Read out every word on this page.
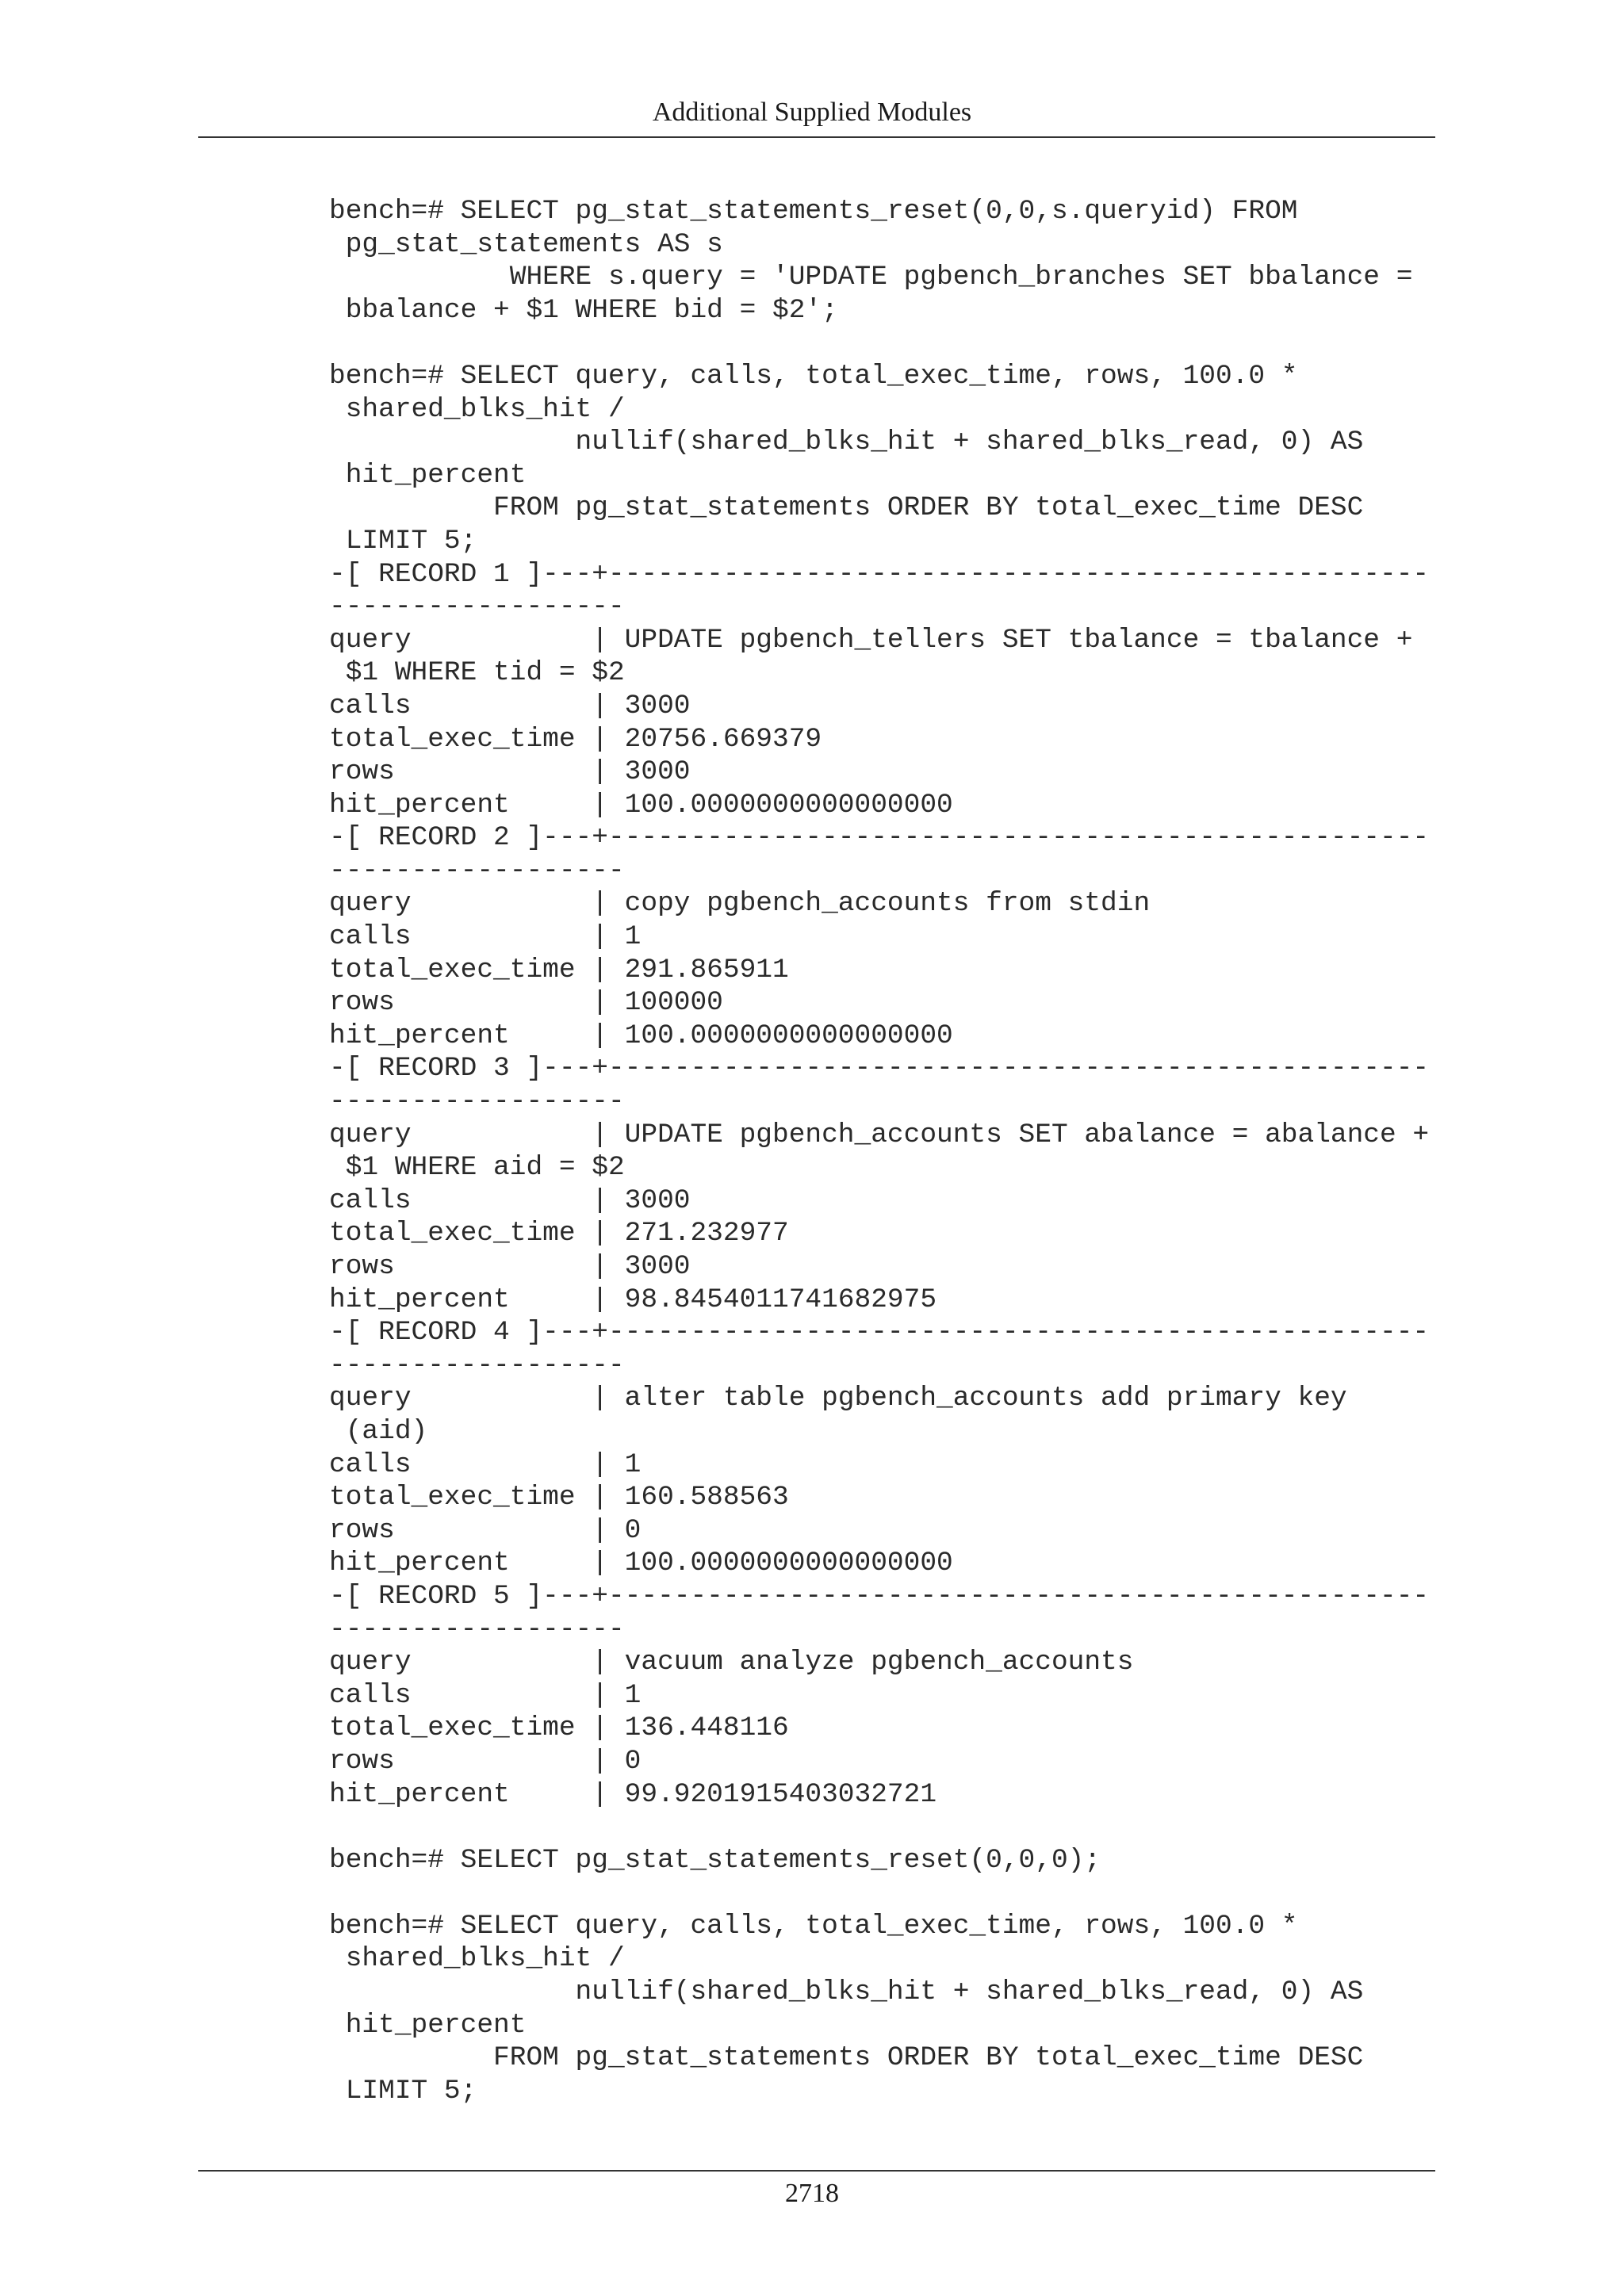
Additional Supplied Modules
bench=# SELECT pg_stat_statements_reset(0,0,s.queryid) FROM
pg_stat_statements AS s
WHERE s.query = 'UPDATE pgbench_branches SET bbalance =
bbalance + $1 WHERE bid = $2';

bench=# SELECT query, calls, total_exec_time, rows, 100.0 *
shared_blks_hit /
nullif(shared_blks_hit + shared_blks_read, 0) AS
hit_percent
FROM pg_stat_statements ORDER BY total_exec_time DESC
LIMIT 5;
-[ RECORD 1 ]---+--------------------------------------------------
------------------
query           | UPDATE pgbench_tellers SET tbalance = tbalance +
$1 WHERE tid = $2
calls           | 3000
total_exec_time | 20756.669379
rows            | 3000
hit_percent     | 100.0000000000000000
-[ RECORD 2 ]---+--------------------------------------------------
------------------
query           | copy pgbench_accounts from stdin
calls           | 1
total_exec_time | 291.865911
rows            | 100000
hit_percent     | 100.0000000000000000
-[ RECORD 3 ]---+--------------------------------------------------
------------------
query           | UPDATE pgbench_accounts SET abalance = abalance +
$1 WHERE aid = $2
calls           | 3000
total_exec_time | 271.232977
rows            | 3000
hit_percent     | 98.8454011741682975
-[ RECORD 4 ]---+--------------------------------------------------
------------------
query           | alter table pgbench_accounts add primary key
(aid)
calls           | 1
total_exec_time | 160.588563
rows            | 0
hit_percent     | 100.0000000000000000
-[ RECORD 5 ]---+--------------------------------------------------
------------------
query           | vacuum analyze pgbench_accounts
calls           | 1
total_exec_time | 136.448116
rows            | 0
hit_percent     | 99.9201915403032721

bench=# SELECT pg_stat_statements_reset(0,0,0);

bench=# SELECT query, calls, total_exec_time, rows, 100.0 *
shared_blks_hit /
nullif(shared_blks_hit + shared_blks_read, 0) AS
hit_percent
FROM pg_stat_statements ORDER BY total_exec_time DESC
LIMIT 5;
2718
